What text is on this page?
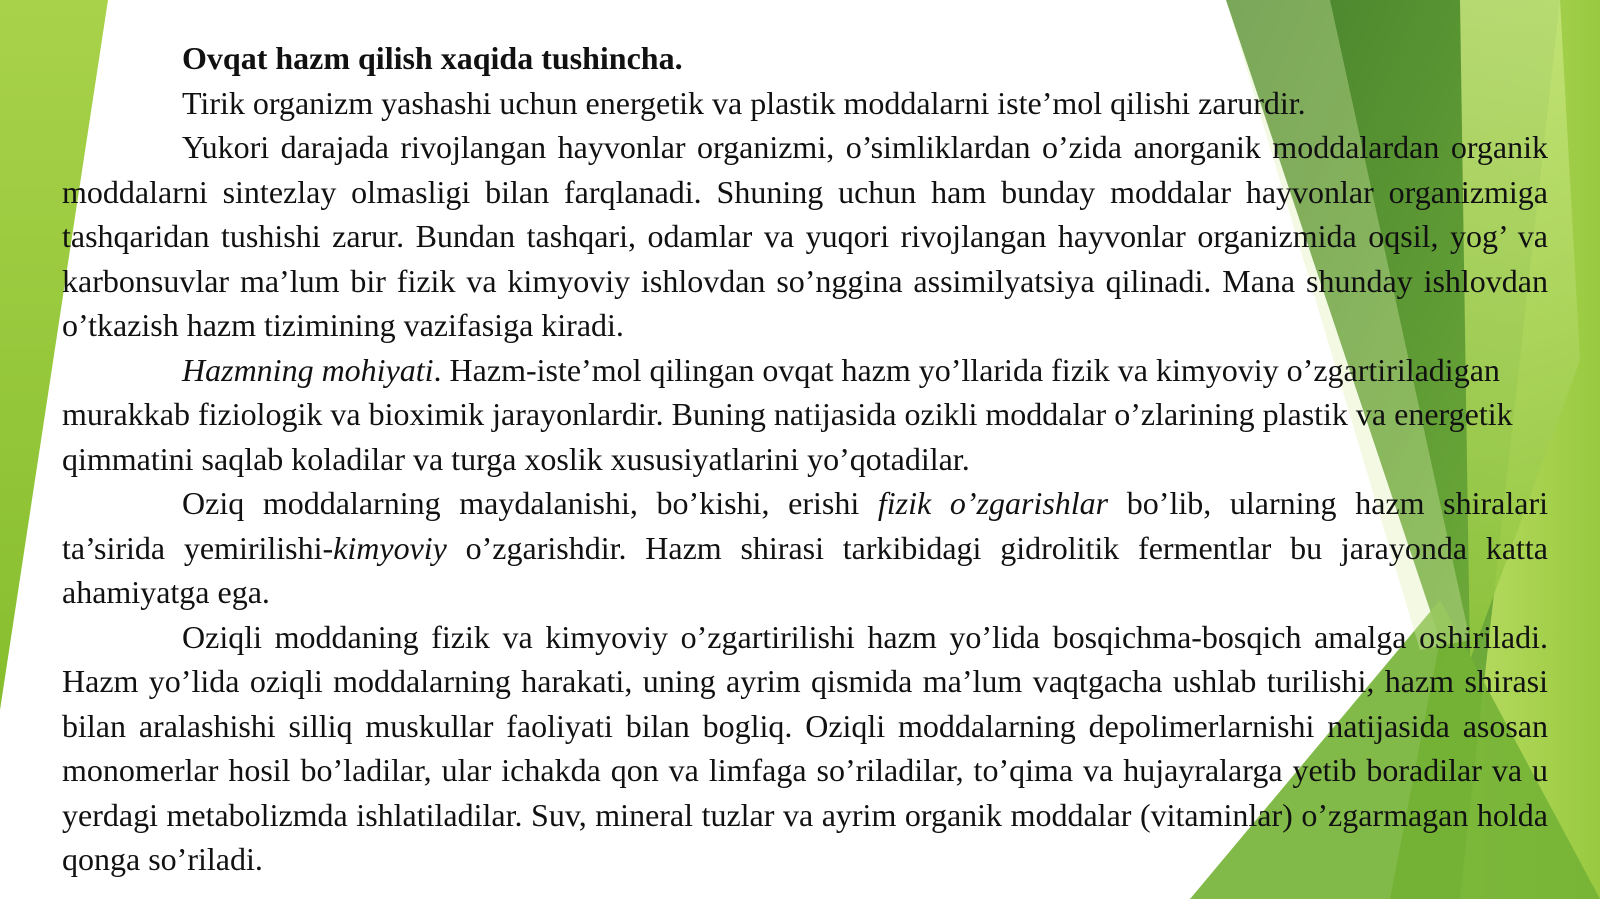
Ovqat hazm qilish xaqida tushincha.

Tirik organizm yashashi uchun energetik va plastik moddalarni iste’mol qilishi zarurdir.

Yukori darajada rivojlangan hayvonlar organizmi, o’simliklardan o’zida anorganik moddalardan organik moddalarni sintezlay olmasligi bilan farqlanadi. Shuning uchun ham bunday moddalar hayvonlar organizmiga tashqaridan tushishi zarur. Bundan tashqari, odamlar va yuqori rivojlangan hayvonlar organizmida oqsil, yog’ va karbonsuvlar ma’lum bir fizik va kimyoviy ishlovdan so’nggina assimilyatsiya qilinadi. Mana shunday ishlovdan o’tkazish hazm tizimining vazifasiga kiradi.

Hazmning mohiyati. Hazm-iste’mol qilingan ovqat hazm yo’llarida fizik va kimyoviy o’zgartiriladigan murakkab fiziologik va bioximik jarayonlardir. Buning natijasida ozikli moddalar o’zlarining plastik va energetik qimmatini saqlab koladilar va turga xoslik xususiyatlarini yo’qotadilar.

Oziq moddalarning maydalanishi, bo’kishi, erishi fizik o’zgarishlar bo’lib, ularning hazm shiralari ta’sirida yemirilishi-kimyoviy o’zgarishdir. Hazm shirasi tarkibidagi gidrolitik fermentlar bu jarayonda katta ahamiyatga ega.

Oziqli moddaning fizik va kimyoviy o’zgartirilishi hazm yo’lida bosqichma-bosqich amalga oshiriladi. Hazm yo’lida oziqli moddalarning harakati, uning ayrim qismida ma’lum vaqtgacha ushlab turilishi, hazm shirasi bilan aralashishi silliq muskullar faoliyati bilan bogliq. Oziqli moddalarning depolimerlarnishi natijasida asosan monomerlar hosil bo’ladilar, ular ichakda qon va limfaga so’riladilar, to’qima va hujayralarga yetib boradilar va u yerdagi metabolizmda ishlatiladilar. Suv, mineral tuzlar va ayrim organik moddalar (vitaminlar) o’zgarmagan holda qonga so’riladi.
